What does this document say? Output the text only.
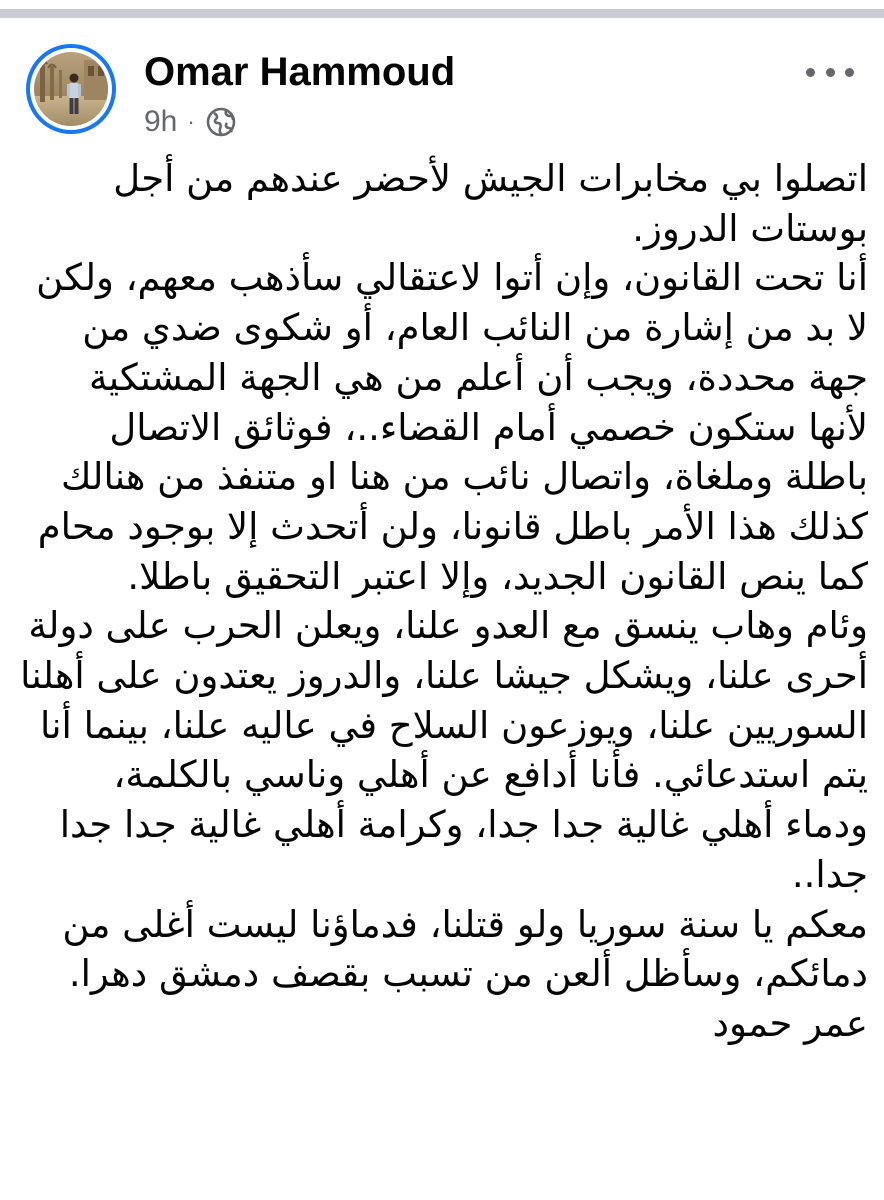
Omar Hammoud
9h ·

اتصلوا بي مخابرات الجيش لأحضر عندهم من أجل بوستات الدروز.

أنا تحت القانون، وإن أتوا لاعتقالي سأذهب معهم، ولكن لا بد من إشارة من النائب العام، أو شكوى ضدي من جهة محددة، ويجب أن أعلم من هي الجهة المشتكية لأنها ستكون خصمي أمام القضاء..، فوثائق الاتصال باطلة وملغاة، واتصال نائب من هنا او متنفذ من هنالك كذلك هذا الأمر باطل قانونا، ولن أتحدث إلا بوجود محام كما ينص القانون الجديد، وإلا اعتبر التحقيق باطلا.

وئام وهاب ينسق مع العدو علنا، ويعلن الحرب على دولة أحرى علنا، ويشكل جيشا علنا، والدروز يعتدون على أهلنا السوريين علنا، ويوزعون السلاح في عاليه علنا، بينما أنا يتم استدعائي. فأنا أدافع عن أهلي وناسي بالكلمة، ودماء أهلي غالية جدا جدا، وكرامة أهلي غالية جدا جدا جدا..

معكم يا سنة سوريا ولو قتلنا، فدماؤنا ليست أغلى من دمائكم، وسأظل ألعن من تسبب بقصف دمشق دهرا.

عمر حمود
